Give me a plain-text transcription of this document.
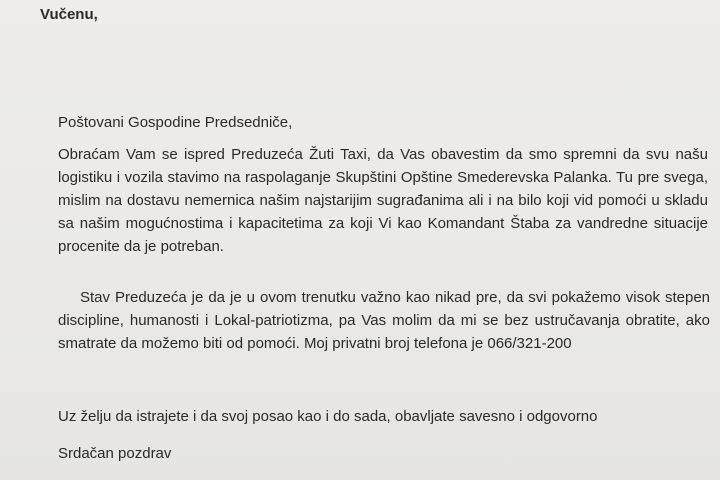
Vučenu,

Poštovani Gospodine Predsedniče,

Obraćam Vam se ispred Preduzeća Žuti Taxi, da Vas obavestim da smo spremni da svu našu logistiku i vozila stavimo na raspolaganje Skupštini Opštine Smederevska Palanka. Tu pre svega, mislim na dostavu nemernica našim najstarijim sugrađanima ali i na bilo koji vid pomoći u skladu sa našim mogućnostima i kapacitetima za koji Vi kao Komandant Štaba za vandredne situacije procenite da je potreban.

Stav Preduzeća je da je u ovom trenutku važno kao nikad pre, da svi pokažemo visok stepen discipline, humanosti i Lokal-patriotizma, pa Vas molim da mi se bez ustručavanja obratite, ako smatrate da možemo biti od pomoći. Moj privatni broj telefona je 066/321-200

Uz želju da istrajete i da svoj posao kao i do sada, obavljate savesno i odgovorno

Srdačan pozdrav
